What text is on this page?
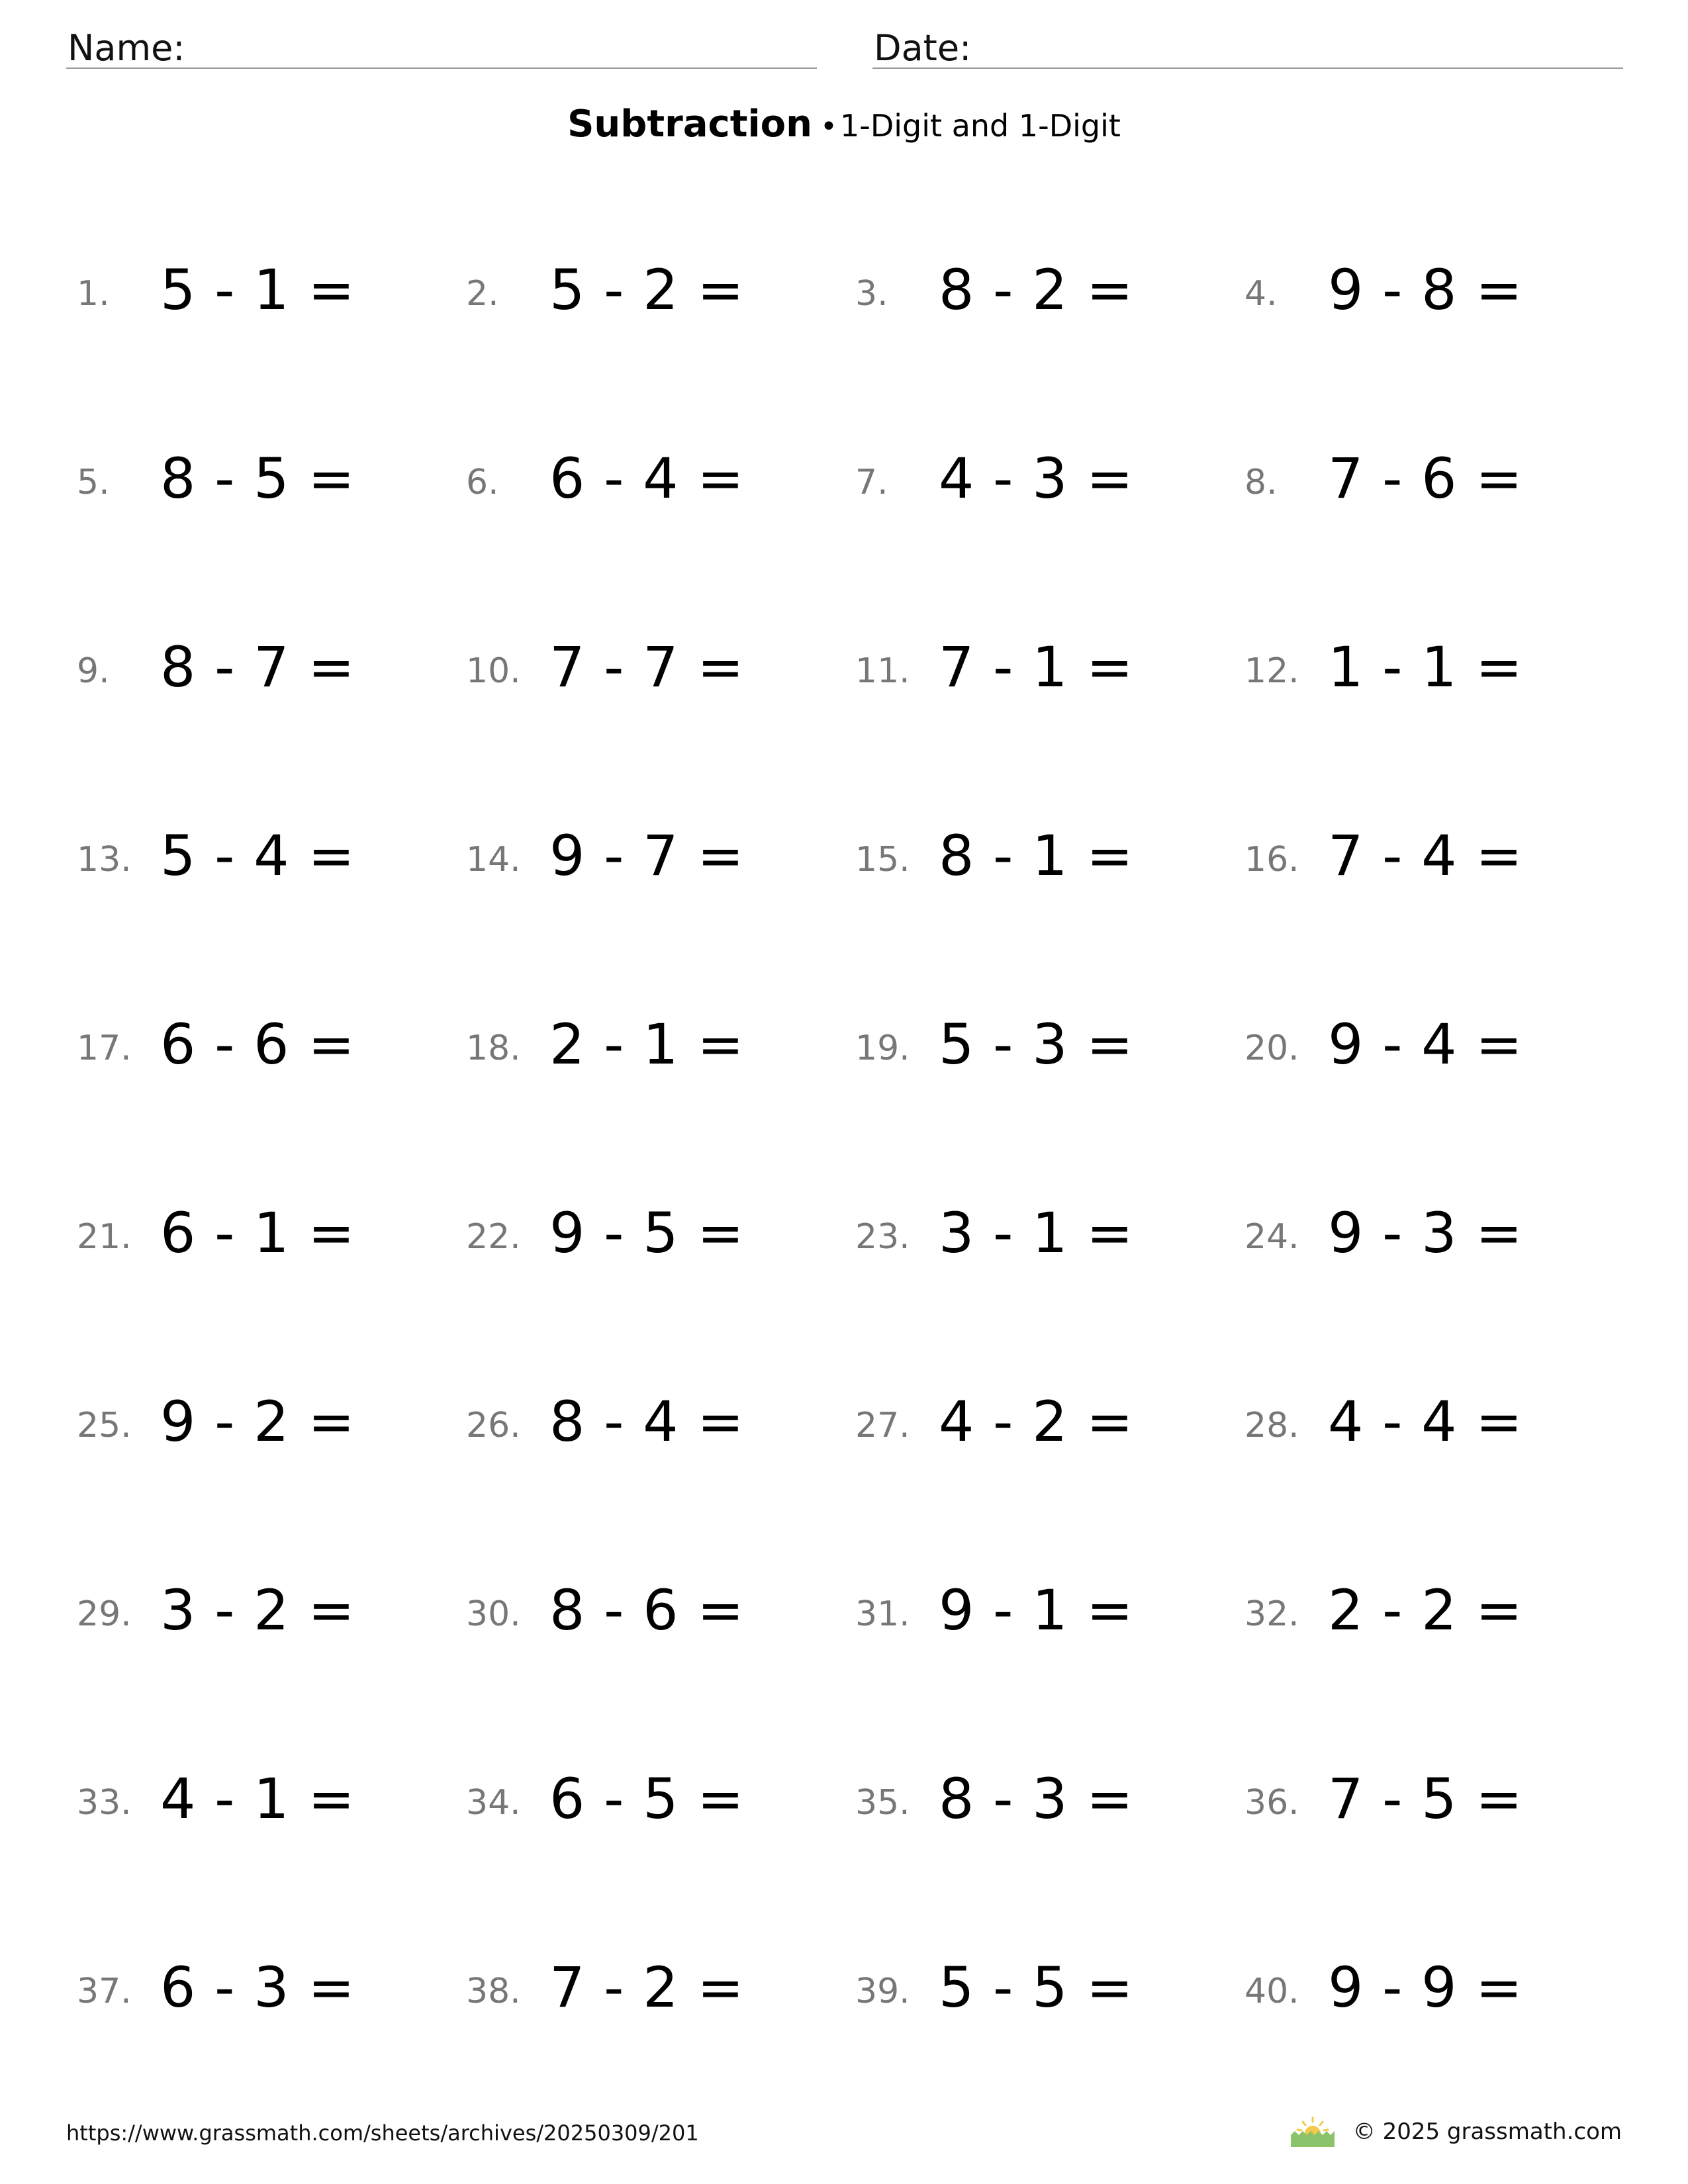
Name:	Date:
Subtraction •1-Digit and 1-Digit
1. 5 - 1 =	2. 5 - 2 =	3. 8 - 2 =	4. 9 - 8 =
5. 8 - 5 =	6. 6 - 4 =	7. 4 - 3 =	8. 7 - 6 =
9. 8 - 7 =	10. 7 - 7 =	11. 7 - 1 =	12. 1 - 1 =
13. 5 - 4 =	14. 9 - 7 =	15. 8 - 1 =	16. 7 - 4 =
17. 6 - 6 =	18. 2 - 1 =	19. 5 - 3 =	20. 9 - 4 =
21. 6 - 1 =	22. 9 - 5 =	23. 3 - 1 =	24. 9 - 3 =
25. 9 - 2 =	26. 8 - 4 =	27. 4 - 2 =	28. 4 - 4 =
29. 3 - 2 =	30. 8 - 6 =	31. 9 - 1 =	32. 2 - 2 =
33. 4 - 1 =	34. 6 - 5 =	35. 8 - 3 =	36. 7 - 5 =
37. 6 - 3 =	38. 7 - 2 =	39. 5 - 5 =	40. 9 - 9 =
https://www.grassmath.com/sheets/archives/20250309/201	© 2025 grassmath.com
